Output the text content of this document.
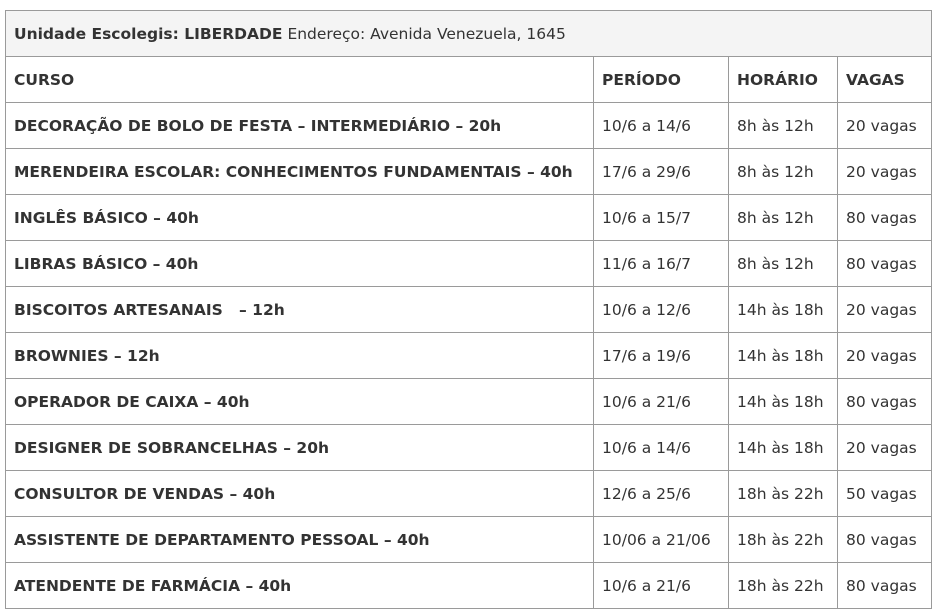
Unidade Escolegis: LIBERDADE Endereço: Avenida Venezuela, 1645			
CURSO	PERÍODO	HORÁRIO	VAGAS
DECORAÇÃO DE BOLO DE FESTA – INTERMEDIÁRIO – 20h	10/6 a 14/6	8h às 12h	20 vagas
MERENDEIRA ESCOLAR: CONHECIMENTOS FUNDAMENTAIS – 40h	17/6 a 29/6	8h às 12h	20 vagas
INGLÊS BÁSICO – 40h	10/6 a 15/7	8h às 12h	80 vagas
LIBRAS BÁSICO – 40h	11/6 a 16/7	8h às 12h	80 vagas
BISCOITOS ARTESANAIS   – 12h	10/6 a 12/6	14h às 18h	20 vagas
BROWNIES – 12h	17/6 a 19/6	14h às 18h	20 vagas
OPERADOR DE CAIXA – 40h	10/6 a 21/6	14h às 18h	80 vagas
DESIGNER DE SOBRANCELHAS – 20h	10/6 a 14/6	14h às 18h	20 vagas
CONSULTOR DE VENDAS – 40h	12/6 a 25/6	18h às 22h	50 vagas
ASSISTENTE DE DEPARTAMENTO PESSOAL – 40h	10/06 a 21/06	18h às 22h	80 vagas
ATENDENTE DE FARMÁCIA – 40h	10/6 a 21/6	18h às 22h	80 vagas
